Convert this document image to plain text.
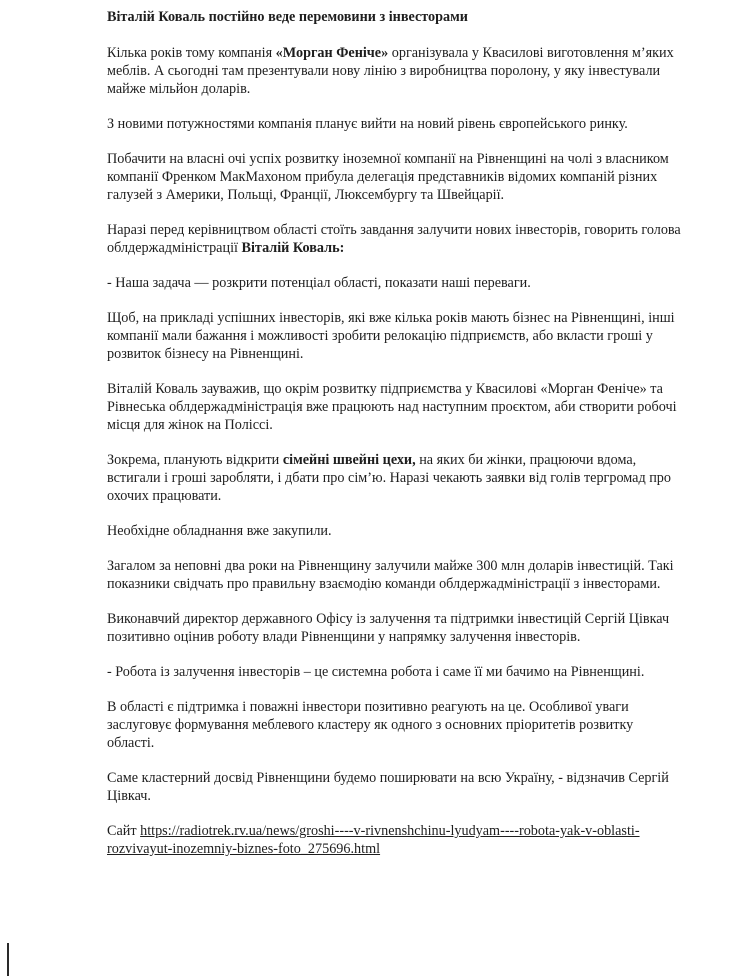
Віталій Коваль постійно веде перемовини з інвесторами

Кілька років тому компанія «Морган Феніче» організувала у Квасилові виготовлення м’яких меблів. А сьогодні там презентували нову лінію з виробництва поролону, у яку інвестували майже мільйон доларів.

З новими потужностями компанія планує вийти на новий рівень європейського ринку.

Побачити на власні очі успіх розвитку іноземної компанії на Рівненщині на чолі з власником компанії Френком МакМахоном прибула делегація представників відомих компаній різних галузей з Америки, Польщі, Франції, Люксембургу та Швейцарії.

Наразі перед керівництвом області стоїть завдання залучити нових інвесторів, говорить голова облдержадміністрації Віталій Коваль:

- Наша задача — розкрити потенціал області, показати наші переваги.

Щоб, на прикладі успішних інвесторів, які вже кілька років мають бізнес на Рівненщині, інші компанії мали бажання і можливості зробити релокацію підприємств, або вкласти гроші у розвиток бізнесу на Рівненщині.

Віталій Коваль зауважив, що окрім розвитку підприємства у Квасилові «Морган Феніче» та Рівнеська облдержадміністрація вже працюють над наступним проєктом, аби створити робочі місця для жінок на Поліссі.

Зокрема, планують відкрити сімейні швейні цехи, на яких би жінки, працюючи вдома, встигали і гроші заробляти, і дбати про сім’ю. Наразі чекають заявки від голів тергромад про охочих працювати.

Необхідне обладнання вже закупили.

Загалом за неповні два роки на Рівненщину залучили майже 300 млн доларів інвестицій. Такі показники свідчать про правильну взаємодію команди облдержадміністрації з інвесторами.

Виконавчий директор державного Офісу із залучення та підтримки інвестицій Сергій Цівкач позитивно оцінив роботу влади Рівненщини у напрямку залучення інвесторів.

- Робота із залучення інвесторів – це системна робота і саме її ми бачимо на Рівненщині.

В області є підтримка і поважні інвестори позитивно реагують на це. Особливої уваги заслуговує формування меблевого кластеру як одного з основних пріоритетів розвитку області.

Саме кластерний досвід Рівненщини будемо поширювати на всю Україну, - відзначив Сергій Цівкач.

Сайт https://radiotrek.rv.ua/news/groshi----v-rivnenshchinu-lyudyam----robota-yak-v-oblasti-rozvivayut-inozemniy-biznes-foto_275696.html
